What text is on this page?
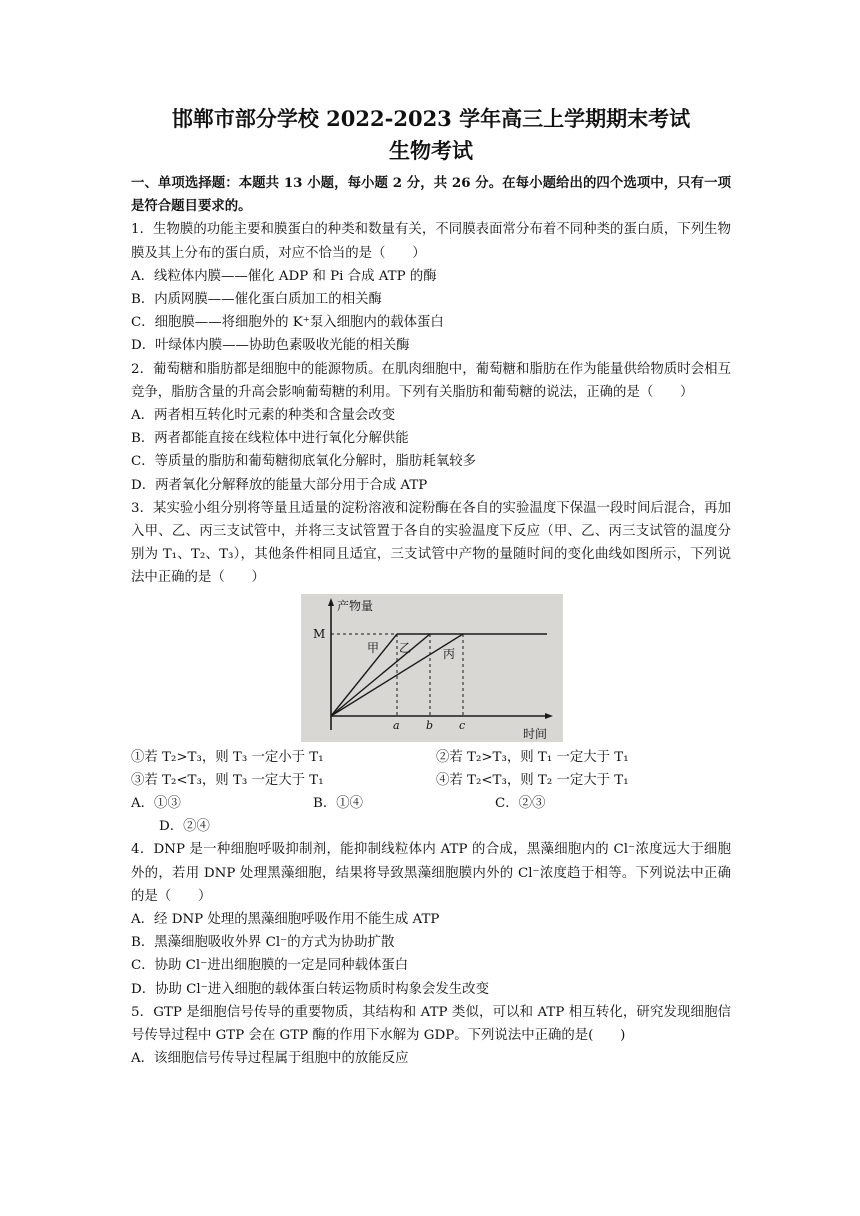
邯郸市部分学校 2022-2023 学年高三上学期期末考试

生物考试

一、单项选择题：本题共 13 小题，每小题 2 分，共 26 分。在每小题给出的四个选项中，只有一项是符合题目要求的。

1．生物膜的功能主要和膜蛋白的种类和数量有关，不同膜表面常分布着不同种类的蛋白质，下列生物膜及其上分布的蛋白质，对应不恰当的是（　　）

A．线粒体内膜——催化 ADP 和 Pi 合成 ATP 的酶

B．内质网膜——催化蛋白质加工的相关酶

C．细胞膜——将细胞外的 K⁺泵入细胞内的载体蛋白

D．叶绿体内膜——协助色素吸收光能的相关酶

2．葡萄糖和脂肪都是细胞中的能源物质。在肌肉细胞中，葡萄糖和脂肪在作为能量供给物质时会相互竞争，脂肪含量的升高会影响葡萄糖的利用。下列有关脂肪和葡萄糖的说法，正确的是（　　）

A．两者相互转化时元素的种类和含量会改变

B．两者都能直接在线粒体中进行氧化分解供能

C．等质量的脂肪和葡萄糖彻底氧化分解时，脂肪耗氧较多

D．两者氧化分解释放的能量大部分用于合成 ATP

3．某实验小组分别将等量且适量的淀粉溶液和淀粉酶在各自的实验温度下保温一段时间后混合，再加入甲、乙、丙三支试管中，并将三支试管置于各自的实验温度下反应（甲、乙、丙三支试管的温度分别为 T₁、T₂、T₃），其他条件相同且适宜，三支试管中产物的量随时间的变化曲线如图所示，下列说法中正确的是（　　）

产物量
M
甲 乙	丙
a b c
时间
①若 T₂>T₃，则 T₃ 一定小于 T₁	②若 T₂>T₃，则 T₁ 一定大于 T₁
③若 T₂<T₃，则 T₃ 一定大于 T₁	④若 T₂<T₃，则 T₂ 一定大于 T₁
A．①③	B．①④	C．②③

D．②④

4．DNP 是一种细胞呼吸抑制剂，能抑制线粒体内 ATP 的合成，黑藻细胞内的 Cl⁻浓度远大于细胞外的，若用 DNP 处理黑藻细胞，结果将导致黑藻细胞膜内外的 Cl⁻浓度趋于相等。下列说法中正确的是（　　）

A．经 DNP 处理的黑藻细胞呼吸作用不能生成 ATP

B．黑藻细胞吸收外界 Cl⁻的方式为协助扩散

C．协助 Cl⁻进出细胞膜的一定是同种载体蛋白

D．协助 Cl⁻进入细胞的载体蛋白转运物质时构象会发生改变

5．GTP 是细胞信号传导的重要物质，其结构和 ATP 类似，可以和 ATP 相互转化，研究发现细胞信号传导过程中 GTP 会在 GTP 酶的作用下水解为 GDP。下列说法中正确的是(　　)

A．该细胞信号传导过程属于组胞中的放能反应
